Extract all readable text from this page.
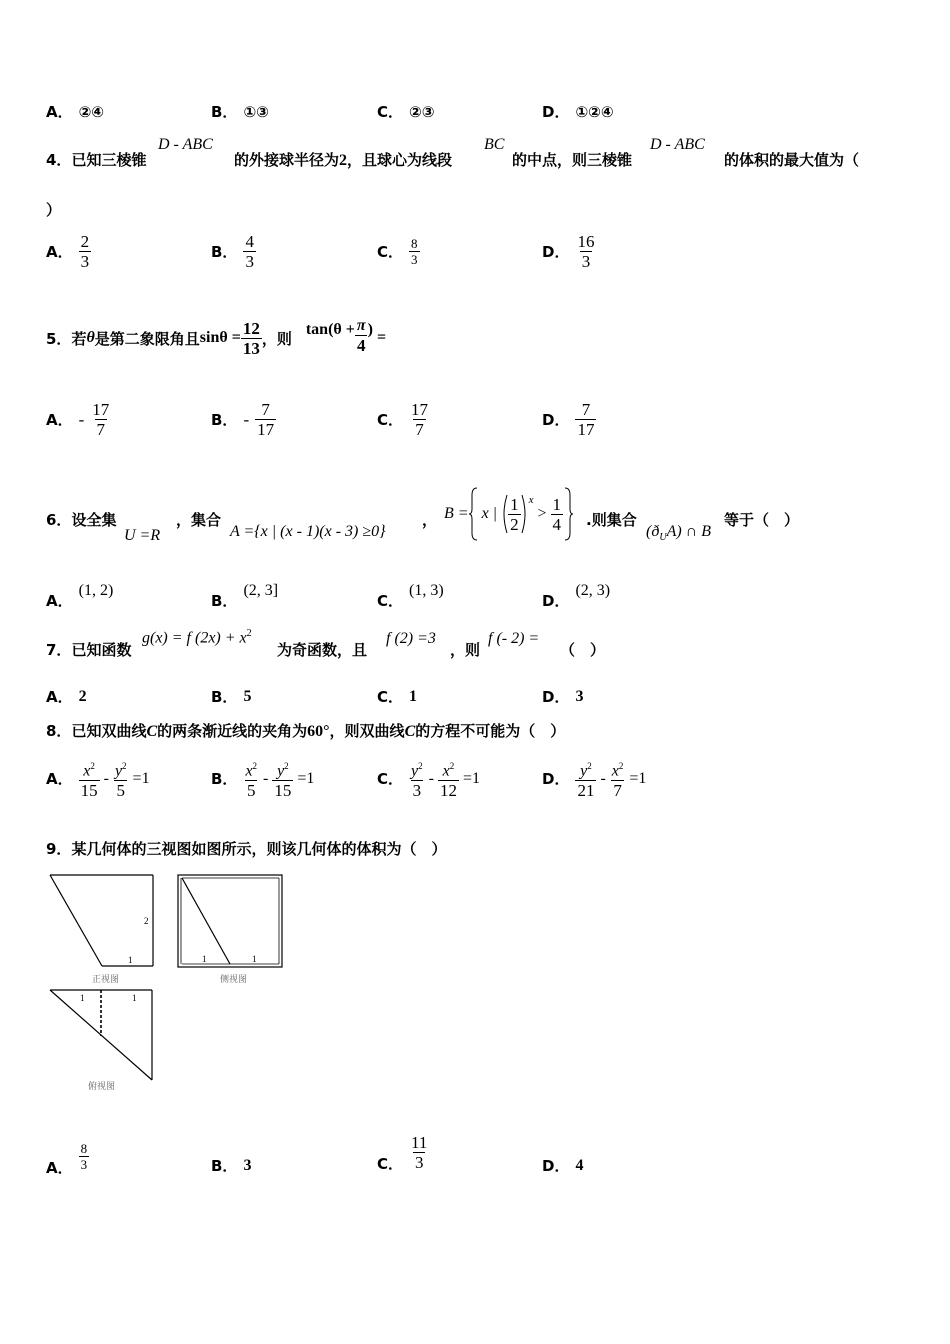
A． ②④	B． ①③	C． ②③	D． ①②④
4．已知三棱锥
D - ABC
的外接球半径为2，且球心为线段
BC
的中点，则三棱锥
D - ABC
的体积的最大值为（
）
A． $\frac{2}{3}$	B． $\frac{4}{3}$	C． $\frac{8}{3}$	D． $\frac{16}{3}$
5． 若 θ 是第二象限角且 $\sin\theta = \frac{12}{13}$ ，则 $\tan(\theta + \frac{\pi}{4}$ ) =
A． - $\frac{17}{7}$	B． - $\frac{7}{17}$	C． $\frac{17}{7}$	D． $\frac{7}{17}$
6．设全集
U =R
，集合
A ={x | (x - 1)(x - 3) ≥0}
， B = x | $\frac{1}{2}$ x
> $\frac{1}{4}$ .则集合
$(ð_UA)$ ∩ B
等于（　）
A．
(1, 2)
B．
(2, 3]
C．
(1, 3)
D．
(2, 3)
7．已知函数
g(x) = f $(2x) + x^2$
为奇函数，且
f (2) =3
，则
f (- 2) =
（　）
A． 2	B． 5	C． 1	D． 3
8．已知双曲线C的两条渐近线的夹角为60°，则双曲线C的方程不可能为（　）
A． $\frac{x^2}{15} - \frac{y^2}{5} =1$	B． $\frac{x^2}{5} - \frac{y^2}{15} =1$	C． $\frac{y^2}{3} - \frac{x^2}{12} =1$	D． $\frac{y^2}{21} - \frac{x^2}{7} =1$
9．某几何体的三视图如图所示，则该几何体的体积为（　）
1
2
正视图
1	1
侧视图
1	1
俯视图
A． $\frac{8}{3}$	B． 3	C． $\frac{11}{3}$	D． 4
